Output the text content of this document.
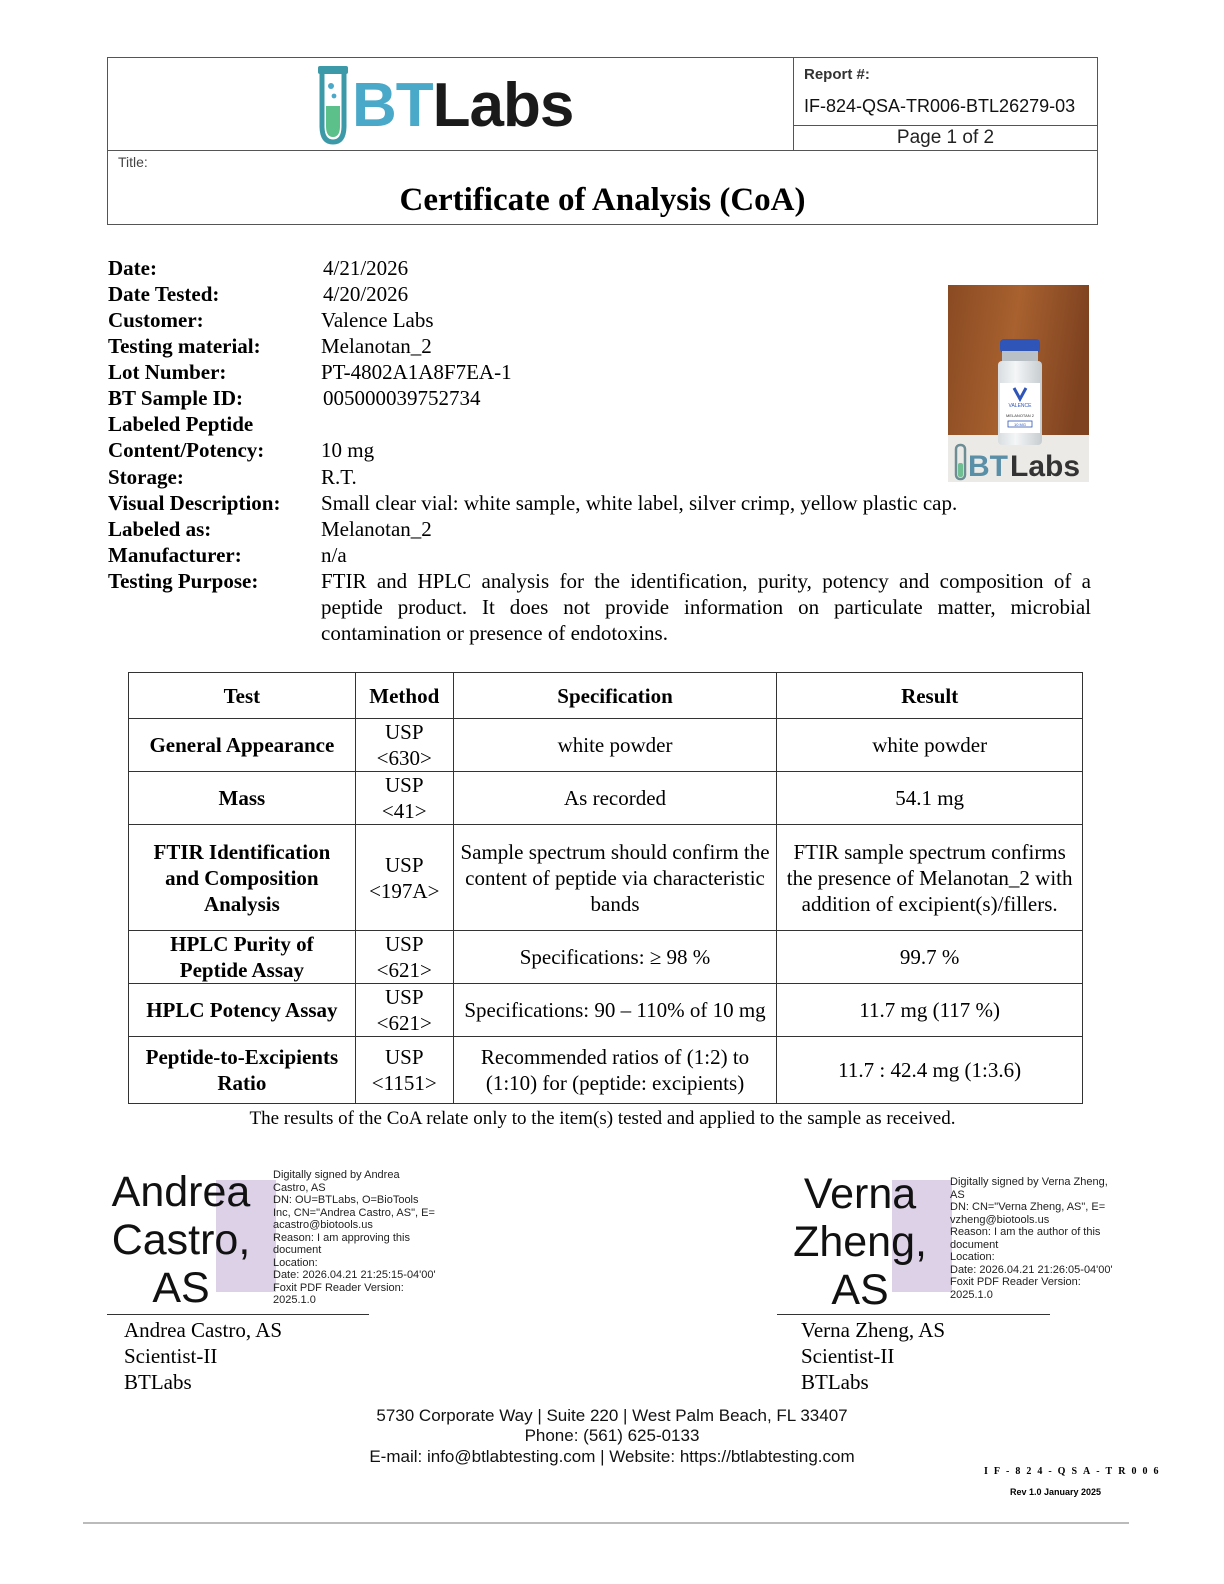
BTLabs	Report #:
IF-824-QSA-TR006-BTL26279-03
Page 1 of 2
Title:
Certificate of Analysis (CoA)
Date:	4/21/2026
Date Tested:	4/20/2026
Customer:	Valence Labs
Testing material:	Melanotan_2
Lot Number:	PT-4802A1A8F7EA-1
BT Sample ID:	005000039752734
Labeled Peptide
Content/Potency:	10 mg
Storage:	R.T.
Visual Description: Small clear vial: white sample, white label, silver crimp, yellow plastic cap.
Labeled as:	Melanotan_2
Manufacturer:	n/a
Testing Purpose:	FTIR and HPLC analysis for the identification, purity, potency and composition of a peptide product. It does not provide information on particulate matter, microbial contamination or presence of endotoxins.
VALENCE
MELANOTAN 2
10 MG
BT Labs
Test	Method	Specification	Result
General Appearance	USP <630>	white powder	white powder
Mass	USP <41>	As recorded	54.1 mg
FTIR Identification and Composition Analysis	USP <197A>	Sample spectrum should confirm the content of peptide via characteristic bands	FTIR sample spectrum confirms the presence of Melanotan_2 with addition of excipient(s)/fillers.
HPLC Purity of Peptide Assay	USP <621>	Specifications: ≥ 98 %	99.7 %
HPLC Potency Assay	USP <621>	Specifications: 90 – 110% of 10 mg	11.7 mg (117 %)
Peptide-to-Excipients Ratio	USP <1151>	Recommended ratios of (1:2) to (1:10) for (peptide: excipients)	11.7 : 42.4 mg (1:3.6)
The results of the CoA relate only to the item(s) tested and applied to the sample as received.
Andrea
Castro,
AS
Digitally signed by Andrea
Castro, AS
DN: OU=BTLabs, O=BioTools
Inc, CN="Andrea Castro, AS", E=
acastro@biotools.us
Reason: I am approving this
document
Location:
Date: 2026.04.21 21:25:15-04'00'
Foxit PDF Reader Version:
2025.1.0
Andrea Castro, AS
Scientist-II
BTLabs
Verna
Zheng,
AS
Digitally signed by Verna Zheng,
AS
DN: CN="Verna Zheng, AS", E=
vzheng@biotools.us
Reason: I am the author of this
document
Location:
Date: 2026.04.21 21:26:05-04'00'
Foxit PDF Reader Version:
2025.1.0
Verna Zheng, AS
Scientist-II
BTLabs
5730 Corporate Way | Suite 220 | West Palm Beach, FL 33407
Phone: (561) 625-0133
E-mail: info@btlabtesting.com | Website: https://btlabtesting.com
IF-824-QSA-TR006
Rev 1.0 January 2025
